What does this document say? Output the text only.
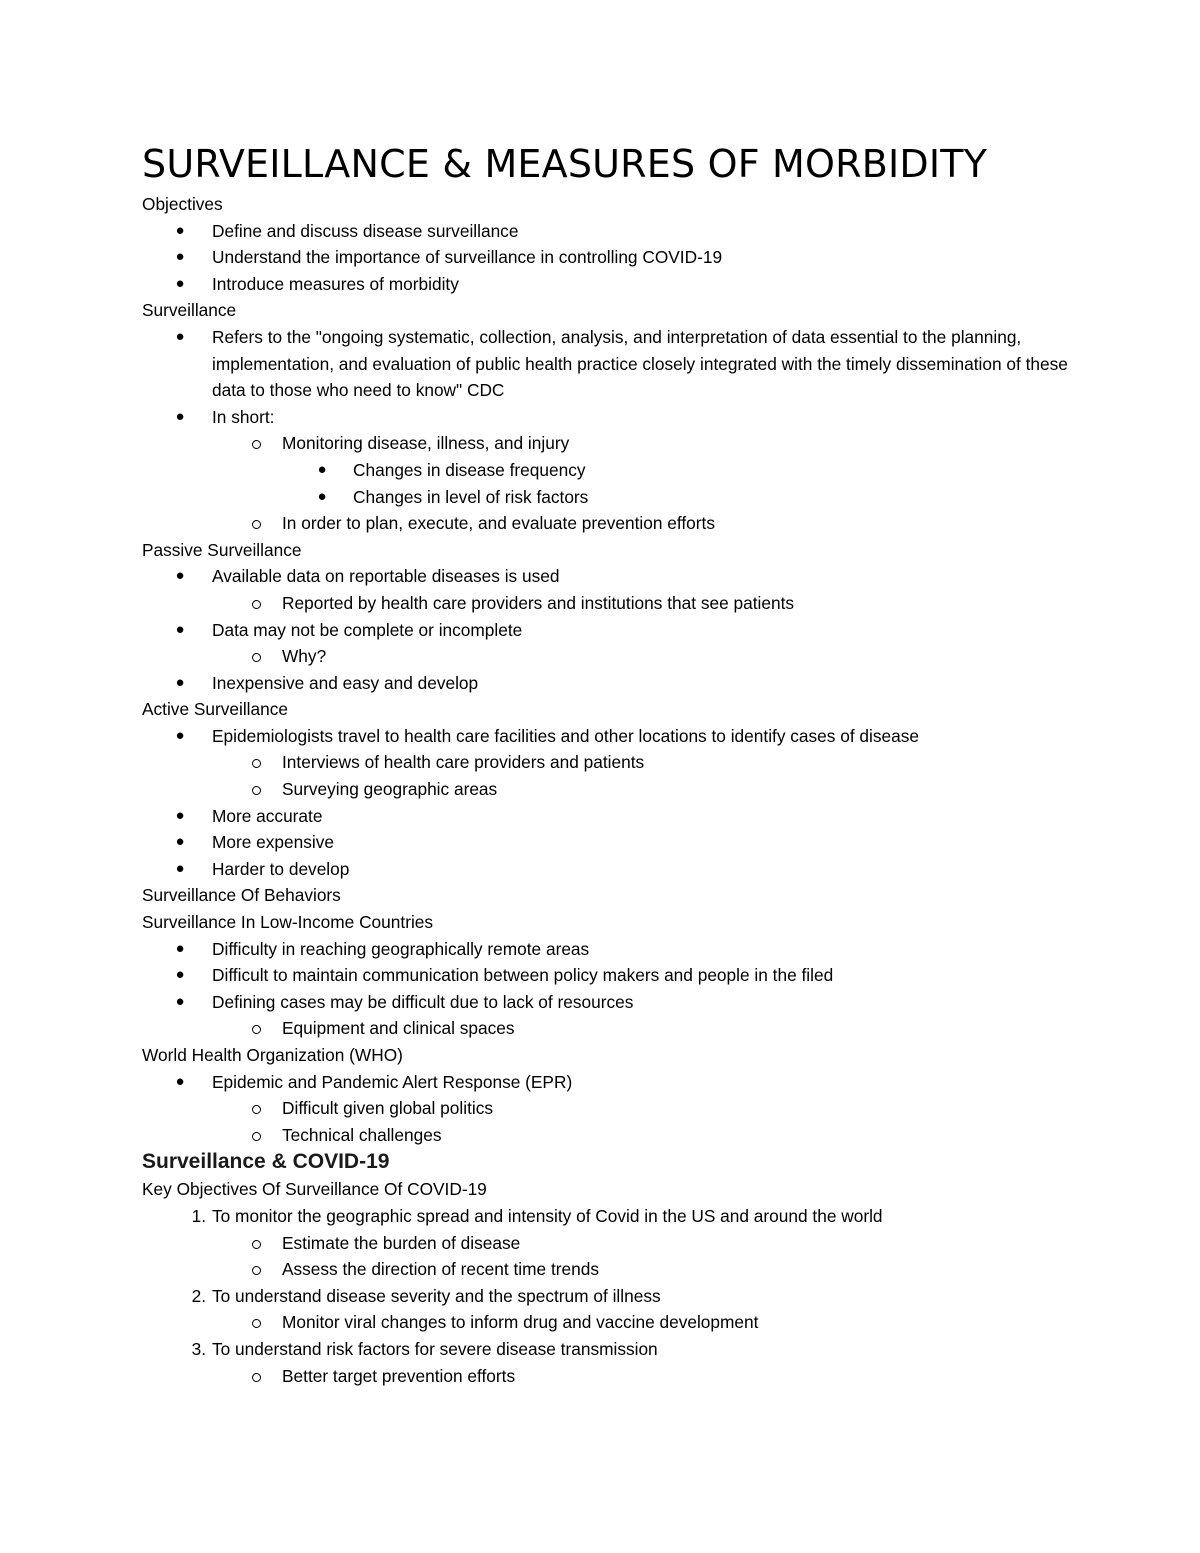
SURVEILLANCE & MEASURES OF MORBIDITY
Objectives
●	Define and discuss disease surveillance
●	Understand the importance of surveillance in controlling COVID-19
●	Introduce measures of morbidity
Surveillance
●	Refers to the "ongoing systematic, collection, analysis, and interpretation of data essential to the planning, implementation, and evaluation of public health practice closely integrated with the timely dissemination of these data to those who need to know" CDC
●	In short:
Monitoring disease, illness, and injury
●	Changes in disease frequency
●	Changes in level of risk factors
In order to plan, execute, and evaluate prevention efforts
Passive Surveillance
●	Available data on reportable diseases is used
Reported by health care providers and institutions that see patients
●	Data may not be complete or incomplete
Why?
●	Inexpensive and easy and develop
Active Surveillance
●	Epidemiologists travel to health care facilities and other locations to identify cases of disease
Interviews of health care providers and patients
Surveying geographic areas
●	More accurate
●	More expensive
●	Harder to develop
Surveillance Of Behaviors
Surveillance In Low-Income Countries
●	Difficulty in reaching geographically remote areas
●	Difficult to maintain communication between policy makers and people in the filed
●	Defining cases may be difficult due to lack of resources
Equipment and clinical spaces
World Health Organization (WHO)
●	Epidemic and Pandemic Alert Response (EPR)
Difficult given global politics
Technical challenges
Surveillance & COVID-19
Key Objectives Of Surveillance Of COVID-19
1. To monitor the geographic spread and intensity of Covid in the US and around the world
Estimate the burden of disease
Assess the direction of recent time trends
2. To understand disease severity and the spectrum of illness
Monitor viral changes to inform drug and vaccine development
3. To understand risk factors for severe disease transmission
Better target prevention efforts
